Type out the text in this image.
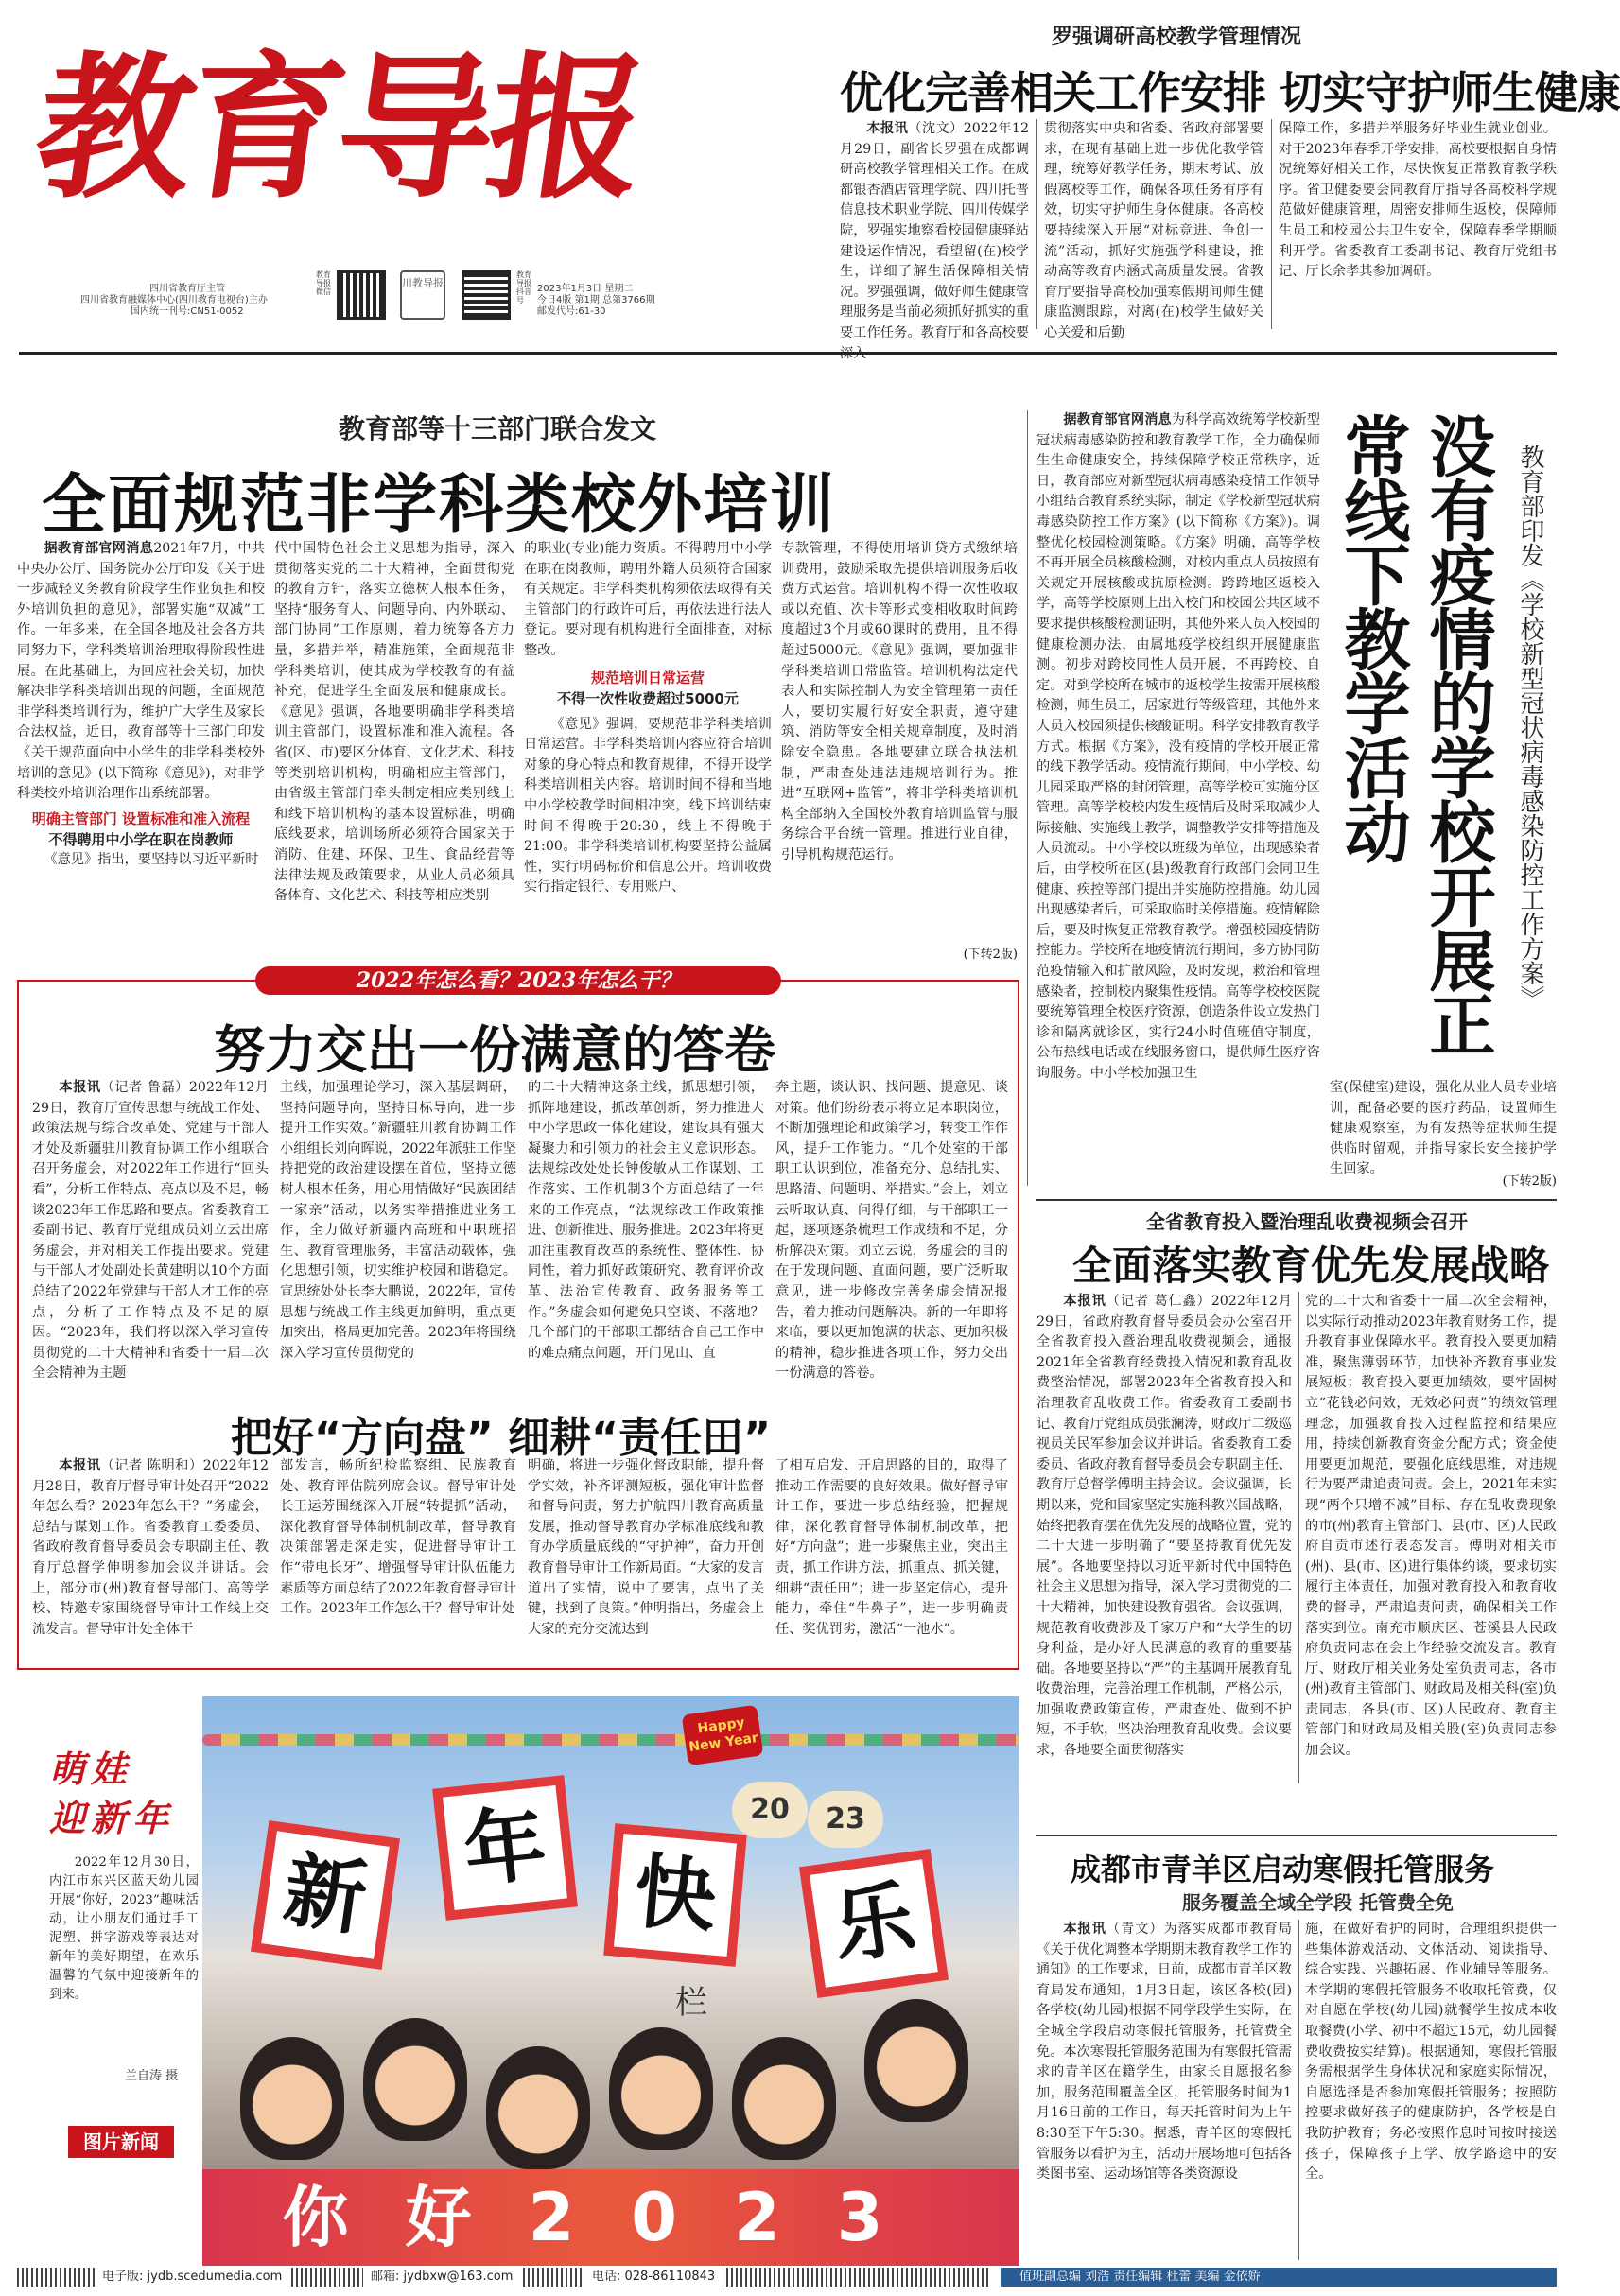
教育导报
四川省教育厅主管
四川省教育融媒体中心(四川教育电视台)主办
国内统一刊号:CN51-0052
教育导报微信
川教导报
教育导报抖音号
2023年1月3日 星期二
今日4版 第1期 总第3766期
邮发代号:61-30
罗强调研高校教学管理情况
优化完善相关工作安排 切实守护师生健康

本报讯（沈文）2022年12月29日，副省长罗强在成都调研高校教学管理相关工作。在成都银杏酒店管理学院、四川托普信息技术职业学院、四川传媒学院，罗强实地察看校园健康驿站建设运作情况，看望留(在)校学生，详细了解生活保障相关情况。罗强强调，做好师生健康管理服务是当前必须抓好抓实的重要工作任务。教育厅和各高校要深入

贯彻落实中央和省委、省政府部署要求，在现有基础上进一步优化教学管理，统筹好教学任务，期末考试、放假离校等工作，确保各项任务有序有效，切实守护师生身体健康。各高校要持续深入开展“对标竞进、争创一流”活动，抓好实施强学科建设，推动高等教育内涵式高质量发展。省教育厅要指导高校加强寒假期间师生健康监测跟踪，对离(在)校学生做好关心关爱和后勤

保障工作，多措并举服务好毕业生就业创业。对于2023年春季开学安排，高校要根据自身情况统筹好相关工作，尽快恢复正常教育教学秩序。省卫健委要会同教育厅指导各高校科学规范做好健康管理，周密安排师生返校，保障师生员工和校园公共卫生安全，保障春季学期顺利开学。省委教育工委副书记、教育厅党组书记、厅长余孝其参加调研。

教育部等十三部门联合发文
全面规范非学科类校外培训

据教育部官网消息2021年7月，中共中央办公厅、国务院办公厅印发《关于进一步减轻义务教育阶段学生作业负担和校外培训负担的意见》，部署实施“双减”工作。一年多来，在全国各地及社会各方共同努力下，学科类培训治理取得阶段性进展。在此基础上，为回应社会关切，加快解决非学科类培训出现的问题，全面规范非学科类培训行为，维护广大学生及家长合法权益，近日，教育部等十三部门印发《关于规范面向中小学生的非学科类校外培训的意见》(以下简称《意见》)，对非学科类校外培训治理作出系统部署。

明确主管部门 设置标准和准入流程
不得聘用中小学在职在岗教师

《意见》指出，要坚持以习近平新时

代中国特色社会主义思想为指导，深入贯彻落实党的二十大精神，全面贯彻党的教育方针，落实立德树人根本任务，坚持“服务育人、问题导向、内外联动、部门协同”工作原则，着力统筹各方力量，多措并举，精准施策，全面规范非学科类培训，使其成为学校教育的有益补充，促进学生全面发展和健康成长。《意见》强调，各地要明确非学科类培训主管部门，设置标准和准入流程。各省(区、市)要区分体育、文化艺术、科技等类别培训机构，明确相应主管部门，由省级主管部门牵头制定相应类别线上和线下培训机构的基本设置标准，明确底线要求，培训场所必须符合国家关于消防、住建、环保、卫生、食品经营等法律法规及政策要求，从业人员必须具备体育、文化艺术、科技等相应类别

的职业(专业)能力资质。不得聘用中小学在职在岗教师，聘用外籍人员须符合国家有关规定。非学科类机构须依法取得有关主管部门的行政许可后，再依法进行法人登记。要对现有机构进行全面排查，对标整改。

规范培训日常运营
不得一次性收费超过5000元

《意见》强调，要规范非学科类培训日常运营。非学科类培训内容应符合培训对象的身心特点和教育规律，不得开设学科类培训相关内容。培训时间不得和当地中小学校教学时间相冲突，线下培训结束时间不得晚于20:30，线上不得晚于21:00。非学科类培训机构要坚持公益属性，实行明码标价和信息公开。培训收费实行指定银行、专用账户、

专款管理，不得使用培训贷方式缴纳培训费用，鼓励采取先提供培训服务后收费方式运营。培训机构不得一次性收取或以充值、次卡等形式变相收取时间跨度超过3个月或60课时的费用，且不得超过5000元。《意见》强调，要加强非学科类培训日常监管。培训机构法定代表人和实际控制人为安全管理第一责任人，要切实履行好安全职责，遵守建筑、消防等安全相关规章制度，及时消除安全隐患。各地要建立联合执法机制，严肃查处违法违规培训行为。推进“互联网+监管”，将非学科类培训机构全部纳入全国校外教育培训监管与服务综合平台统一管理。推进行业自律，引导机构规范运行。

(下转2版)	没有疫情的学校开展正常线下教学活动	教育部印发《学校新型冠状病毒感染防控工作方案》

据教育部官网消息为科学高效统筹学校新型冠状病毒感染防控和教育教学工作，全力确保师生生命健康安全，持续保障学校正常秩序，近日，教育部应对新型冠状病毒感染疫情工作领导小组结合教育系统实际，制定《学校新型冠状病毒感染防控工作方案》(以下简称《方案》)。调整优化校园检测策略。《方案》明确，高等学校不再开展全员核酸检测，对校内重点人员按照有关规定开展核酸或抗原检测。跨跨地区返校入学，高等学校原则上出入校门和校园公共区域不要求提供核酸检测证明，其他外来人员入校园的健康检测办法，由属地疫学校组织开展健康监测。初步对跨校同性人员开展，不再跨校、自定。对到学校所在城市的返校学生按需开展核酸检测，师生员工，居家进行等级管理，其他外来人员入校园须提供核酸证明。科学安排教育教学方式。根据《方案》，没有疫情的学校开展正常的线下教学活动。疫情流行期间，中小学校、幼儿园采取严格的封闭管理，高等学校可实施分区管理。高等学校校内发生疫情后及时采取减少人际接触、实施线上教学，调整教学安排等措施及人员流动。中小学校以班级为单位，出现感染者后，由学校所在区(县)级教育行政部门会同卫生健康、疾控等部门提出并实施防控措施。幼儿园出现感染者后，可采取临时关停措施。疫情解除后，要及时恢复正常教育教学。增强校园疫情防控能力。学校所在地疫情流行期间，多方协同防范疫情输入和扩散风险，及时发现，救治和管理感染者，控制校内聚集性疫情。高等学校校医院要统筹管理全校医疗资源，创造条件设立发热门诊和隔离就诊区，实行24小时值班值守制度，公布热线电话或在线服务窗口，提供师生医疗咨询服务。中小学校加强卫生

室(保健室)建设，强化从业人员专业培训，配备必要的医疗药品，设置师生健康观察室，为有发热等症状师生提供临时留观，并指导家长安全接护学生回家。

(下转2版)
2022年怎么看？2023年怎么干？
努力交出一份满意的答卷

本报讯（记者 鲁磊）2022年12月29日，教育厅宣传思想与统战工作处、政策法规与综合改革处、党建与干部人才处及新疆驻川教育协调工作小组联合召开务虚会，对2022年工作进行“回头看”，分析工作特点、亮点以及不足，畅谈2023年工作思路和要点。省委教育工委副书记、教育厅党组成员刘立云出席务虚会，并对相关工作提出要求。党建与干部人才处副处长黄建明以10个方面总结了2022年党建与干部人才工作的亮点，分析了工作特点及不足的原因。“2023年，我们将以深入学习宣传贯彻党的二十大精神和省委十一届二次全会精神为主题

主线，加强理论学习，深入基层调研，坚持问题导向，坚持目标导向，进一步提升工作实效。”新疆驻川教育协调工作小组组长刘向晖说，2022年派驻工作坚持把党的政治建设摆在首位，坚持立德树人根本任务，用心用情做好“民族团结一家亲”活动，以务实举措推进业务工作，全力做好新疆内高班和中职班招生、教育管理服务，丰富活动载体，强化思想引领，切实维护校园和谐稳定。宣思统处处长李大鹏说，2022年，宣传思想与统战工作主线更加鲜明，重点更加突出，格局更加完善。2023年将围绕深入学习宣传贯彻党的

的二十大精神这条主线，抓思想引领，抓阵地建设，抓改革创新，努力推进大中小学思政一体化建设，建设具有强大凝聚力和引领力的社会主义意识形态。法规综改处处长钟俊敏从工作谋划、工作落实、工作机制3个方面总结了一年来的工作亮点，“法规综改工作政策推进、创新推进、服务推进。2023年将更加注重教育改革的系统性、整体性、协同性，着力抓好政策研究、教育评价改革、法治宣传教育、政务服务等工作。”务虚会如何避免只空谈、不落地？几个部门的干部职工都结合自己工作中的难点痛点问题，开门见山、直

奔主题，谈认识、找问题、提意见、谈对策。他们纷纷表示将立足本职岗位，不断加强理论和政策学习，转变工作作风，提升工作能力。“几个处室的干部职工认识到位，准备充分、总结扎实、思路清、问题明、举措实。”会上，刘立云听取认真、问得仔细，与干部职工一起，逐项逐条梳理工作成绩和不足，分析解决对策。刘立云说，务虚会的目的在于发现问题、直面问题，要广泛听取意见，进一步修改完善务虚会情况报告，着力推动问题解决。新的一年即将来临，要以更加饱满的状态、更加积极的精神，稳步推进各项工作，努力交出一份满意的答卷。

把好“方向盘” 细耕“责任田”

本报讯（记者 陈明和）2022年12月28日，教育厅督导审计处召开“2022年怎么看？2023年怎么干？”务虚会，总结与谋划工作。省委教育工委委员、省政府教育督导委员会专职副主任、教育厅总督学伸明参加会议并讲话。会上，部分市(州)教育督导部门、高等学校、特邀专家围绕督导审计工作线上交流发言。督导审计处全体干

部发言，畅所纪检监察组、民族教育处、教育评估院列席会议。督导审计处长王运芳围绕深入开展“转提抓”活动，深化教育督导体制机制改革，督导教育决策部署走深走实，促进督导审计工作“带电长牙”、增强督导审计队伍能力素质等方面总结了2022年教育督导审计工作。2023年工作怎么干？督导审计处

明确，将进一步强化督政职能，提升督学实效，补齐评测短板，强化审计监督和督导问责，努力护航四川教育高质量发展，推动督导教育办学标准底线和教育办学质量底线的“守护神”，奋力开创教育督导审计工作新局面。“大家的发言道出了实情，说中了要害，点出了关键，找到了良策。”伸明指出，务虚会上大家的充分交流达到

了相互启发、开启思路的目的，取得了推动工作需要的良好效果。做好督导审计工作，要进一步总结经验，把握规律，深化教育督导体制机制改革，把好“方向盘”；进一步聚焦主业，突出主责，抓工作讲方法，抓重点、抓关键，细耕“责任田”；进一步坚定信心，提升能力，牵住“牛鼻子”，进一步明确责任、奖优罚劣，激活“一池水”。

全省教育投入暨治理乱收费视频会召开
全面落实教育优先发展战略

本报讯（记者 葛仁鑫）2022年12月29日，省政府教育督导委员会办公室召开全省教育投入暨治理乱收费视频会，通报2021年全省教育经费投入情况和教育乱收费整治情况，部署2023年全省教育投入和治理教育乱收费工作。省委教育工委副书记、教育厅党组成员张澜涛，财政厅二级巡视员关民军参加会议并讲话。省委教育工委委员、省政府教育督导委员会专职副主任、教育厅总督学傅明主持会议。会议强调，长期以来，党和国家坚定实施科教兴国战略，始终把教育摆在优先发展的战略位置，党的二十大进一步明确了“要坚持教育优先发展”。各地要坚持以习近平新时代中国特色社会主义思想为指导，深入学习贯彻党的二十大精神，加快建设教育强省。会议强调，规范教育收费涉及千家万户和“大学生的切身利益，是办好人民满意的教育的重要基础。各地要坚持以“严”的主基调开展教育乱收费治理，完善治理工作机制，严格公示，加强收费政策宣传，严肃查处、做到不护短，不手软，坚决治理教育乱收费。会议要求，各地要全面贯彻落实

党的二十大和省委十一届二次全会精神，以实际行动推动2023年教育财务工作，提升教育事业保障水平。教育投入要更加精准，聚焦薄弱环节，加快补齐教育事业发展短板；教育投入要更加绩效，要牢固树立“花钱必问效，无效必问责”的绩效管理理念，加强教育投入过程监控和结果应用，持续创新教育资金分配方式；资金使用要更加规范，要强化底线思维，对违规行为要严肃追责问责。会上，2021年未实现“两个只增不减”目标、存在乱收费现象的市(州)教育主管部门、县(市、区)人民政府自贡市述行表态发言。傅明对相关市(州)、县(市、区)进行集体约谈，要求切实履行主体责任，加强对教育投入和教育收费的督导，严肃追责问责，确保相关工作落实到位。南充市顺庆区、苍溪县人民政府负责同志在会上作经验交流发言。教育厅、财政厅相关业务处室负责同志，各市(州)教育主管部门、财政局及相关科(室)负责同志，各县(市、区)人民政府、教育主管部门和财政局及相关股(室)负责同志参加会议。

萌娃
迎新年

2022年12月30日，内江市东兴区蓝天幼儿园开展“你好，2023”趣味活动，让小朋友们通过手工泥塑、拼字游戏等表达对新年的美好期望，在欢乐温馨的气氛中迎接新年的到来。

兰自涛 摄
图片新闻
Happy New Year
20	23
新	年 快	乐
栏
你好2023
成都市青羊区启动寒假托管服务
服务覆盖全域全学段 托管费全免

本报讯（青文）为落实成都市教育局《关于优化调整本学期期末教育教学工作的通知》的工作要求，日前，成都市青羊区教育局发布通知，1月3日起，该区各校(园)各学校(幼儿园)根据不同学段学生实际，在全城全学段启动寒假托管服务，托管费全免。本次寒假托管服务范围为有寒假托管需求的青羊区在籍学生，由家长自愿报名参加，服务范围覆盖全区，托管服务时间为1月16日前的工作日，每天托管时间为上午8:30至下午5:30。据悉，青羊区的寒假托管服务以看护为主，活动开展场地可包括各类图书室、运动场馆等各类资源设

施，在做好看护的同时，合理组织提供一些集体游戏活动、文体活动、阅读指导、综合实践、兴趣拓展、作业辅导等服务。本学期的寒假托管服务不收取托管费，仅对自愿在学校(幼儿园)就餐学生按成本收取餐费(小学、初中不超过15元，幼儿园餐费收费按实结算)。根据通知，寒假托管服务需根据学生身体状况和家庭实际情况，自愿选择是否参加寒假托管服务；按照防控要求做好孩子的健康防护，各学校是自我防护教育；务必按照作息时间按时接送孩子，保障孩子上学、放学路途中的安全。

电子版: jydb.scedumedia.com	邮箱: jydbxw@163.com	电话: 028-86110843	值班副总编 刘浩 责任编辑 杜蕾 美编 金依娇
